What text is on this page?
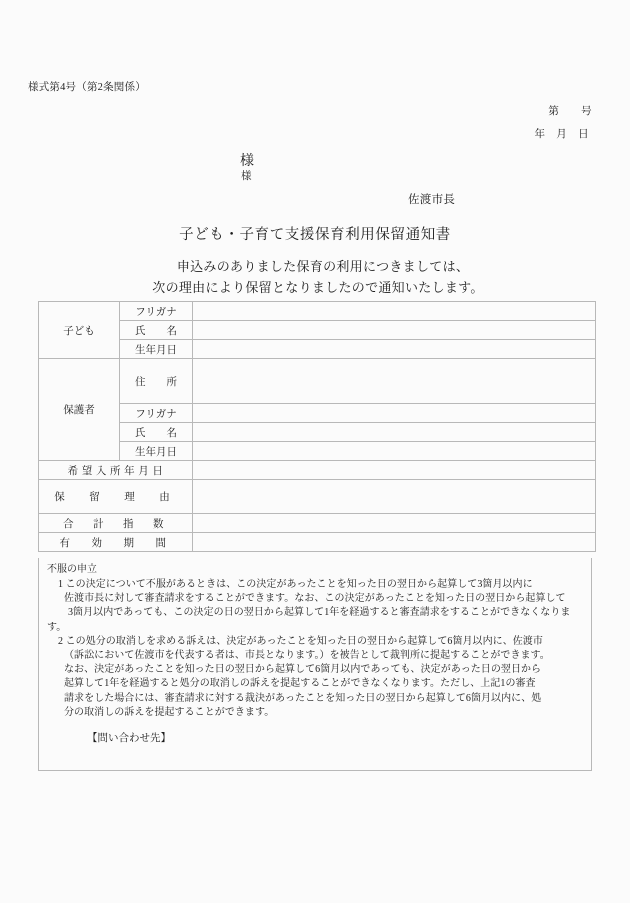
様式第4号（第2条関係）
第　　号
年　月　日
様
様
佐渡市長
子ども・子育て支援保育利用保留通知書
申込みのありました保育の利用につきましては、
次の理由により保留となりましたので通知いたします。
子ども	フリガナ	
	氏　　名	
	生年月日	
保護者	住　　所	
	フリガナ	
	氏　　名	
	生年月日	
希 望 入 所 年 月 日		
保　留　理　由		
合　計　指　数		
有　効　期　間		
不服の申立
1 この決定について不服があるときは、この決定があったことを知った日の翌日から起算して3箇月以内に
佐渡市長に対して審査請求をすることができます。なお、この決定があったことを知った日の翌日から起算して
3箇月以内であっても、この決定の日の翌日から起算して1年を経過すると審査請求をすることができなくなりま
す。
2 この処分の取消しを求める訴えは、決定があったことを知った日の翌日から起算して6箇月以内に、佐渡市
（訴訟において佐渡市を代表する者は、市長となります。）を被告として裁判所に提起することができます。
なお、決定があったことを知った日の翌日から起算して6箇月以内であっても、決定があった日の翌日から
起算して1年を経過すると処分の取消しの訴えを提起することができなくなります。ただし、上記1の審査
請求をした場合には、審査請求に対する裁決があったことを知った日の翌日から起算して6箇月以内に、処
分の取消しの訴えを提起することができます。
【問い合わせ先】
